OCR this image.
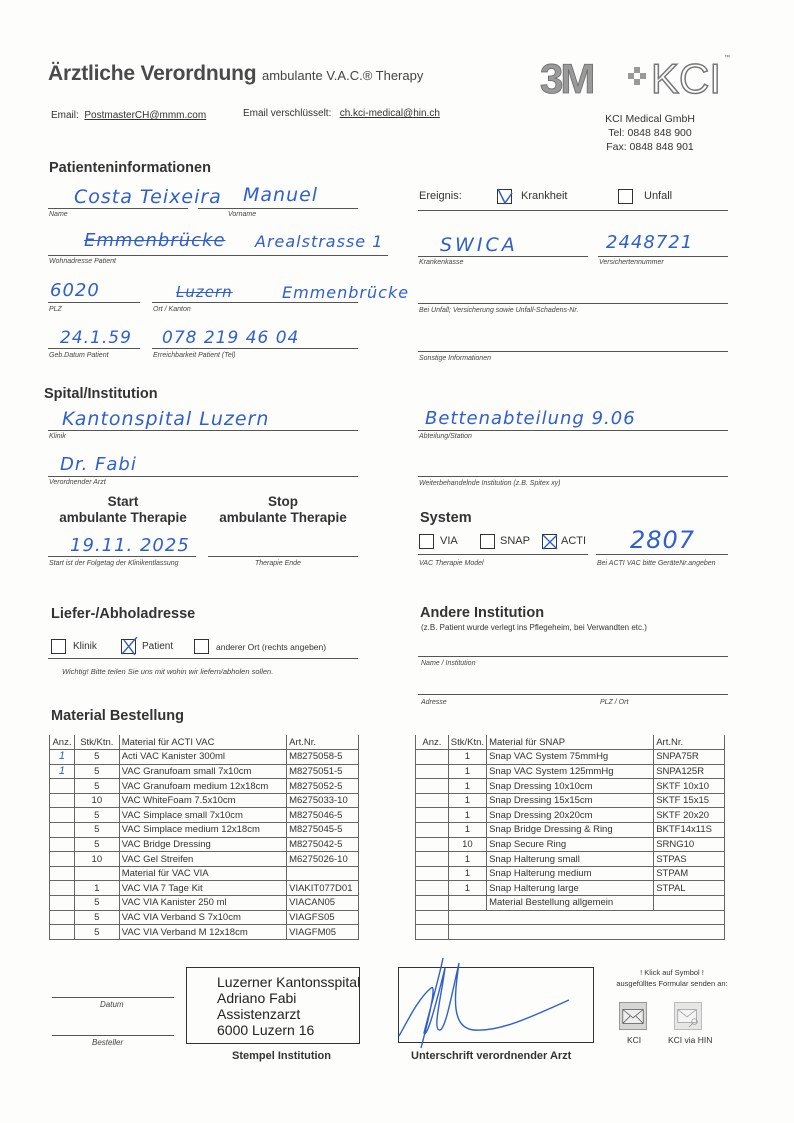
Ärztliche Verordnung ambulante V.A.C.® Therapy
Email: PostmasterCH@mmm.com	Email verschlüsselt: ch.kci-medical@hin.ch
3M KCI ™
KCI Medical GmbH
Tel: 0848 848 900
Fax: 0848 848 901
Patienteninformationen
Costa Teixeira
Name
Manuel
Vorname
Emmenbrücke Arealstrasse 1
Wohnadresse Patient
6020
PLZ
Luzern	Emmenbrücke
Ort / Kanton
24.1.59
Geb.Datum Patient
078 219 46 04
Erreichbarkeit Patient (Tel)
Ereignis:	Krankheit	Unfall
SWICA
Krankenkasse
2448721
Versichertennummer
Bei Unfall; Versicherung sowie Unfall-Schadens-Nr.
Sonstige Informationen
Spital/Institution
Kantonspital Luzern
Klinik
Bettenabteilung 9.06
Abteilung/Station
Dr. Fabi
Verordnender Arzt	Weiterbehandelnde Institution (z.B. Spitex xy)
Start
ambulante Therapie
Stop
ambulante Therapie
19.11. 2025
Start ist der Folgetag der Klinikentlassung	Therapie Ende
System
VIA	SNAP	ACTI
VAC Therapie Model
2807
Bei ACTI VAC bitte GeräteNr.angeben
Liefer-/Abholadresse
Klinik	Patient	anderer Ort (rechts angeben)
Wichtig! Bitte teilen Sie uns mit wohin wir liefern/abholen sollen.
Andere Institution
(z.B. Patient wurde verlegt ins Pflegeheim, bei Verwandten etc.)
Name / Institution
Adresse	PLZ / Ort
Material Bestellung
Anz.	Stk/Ktn.	Material für ACTI VAC	Art.Nr.
1	5	Acti VAC Kanister 300ml	M8275058-5
1	5	VAC Granufoam small 7x10cm	M8275051-5
	5	VAC Granufoam medium 12x18cm	M8275052-5
	10	VAC WhiteFoam 7.5x10cm	M6275033-10
	5	VAC Simplace small 7x10cm	M8275046-5
	5	VAC Simplace medium 12x18cm	M8275045-5
	5	VAC Bridge Dressing	M8275042-5
	10	VAC Gel Streifen	M6275026-10
		Material für VAC VIA	
	1	VAC VIA 7 Tage Kit	VIAKIT077D01
	5	VAC VIA Kanister 250 ml	VIACAN05
	5	VAC VIA Verband S 7x10cm	VIAGFS05
	5	VAC VIA Verband M 12x18cm	VIAGFM05
Anz.	Stk/Ktn.	Material für SNAP	Art.Nr.
	1	Snap VAC System 75mmHg	SNPA75R
	1	Snap VAC System 125mmHg	SNPA125R
	1	Snap Dressing 10x10cm	SKTF 10x10
	1	Snap Dressing 15x15cm	SKTF 15x15
	1	Snap Dressing 20x20cm	SKTF 20x20
	1	Snap Bridge Dressing & Ring	BKTF14x11S
	10	Snap Secure Ring	SRNG10
	1	Snap Halterung small	STPAS
	1	Snap Halterung medium	STPAM
	1	Snap Halterung large	STPAL
		Material Bestellung allgemein	

Datum
Besteller
Luzerner Kantonsspital
Adriano Fabi
Assistenzarzt
6000 Luzern 16
Stempel Institution	Unterschrift verordnender Arzt
! Klick auf Symbol !
ausgefülltes Formular senden an:
KCI	KCI via HIN
